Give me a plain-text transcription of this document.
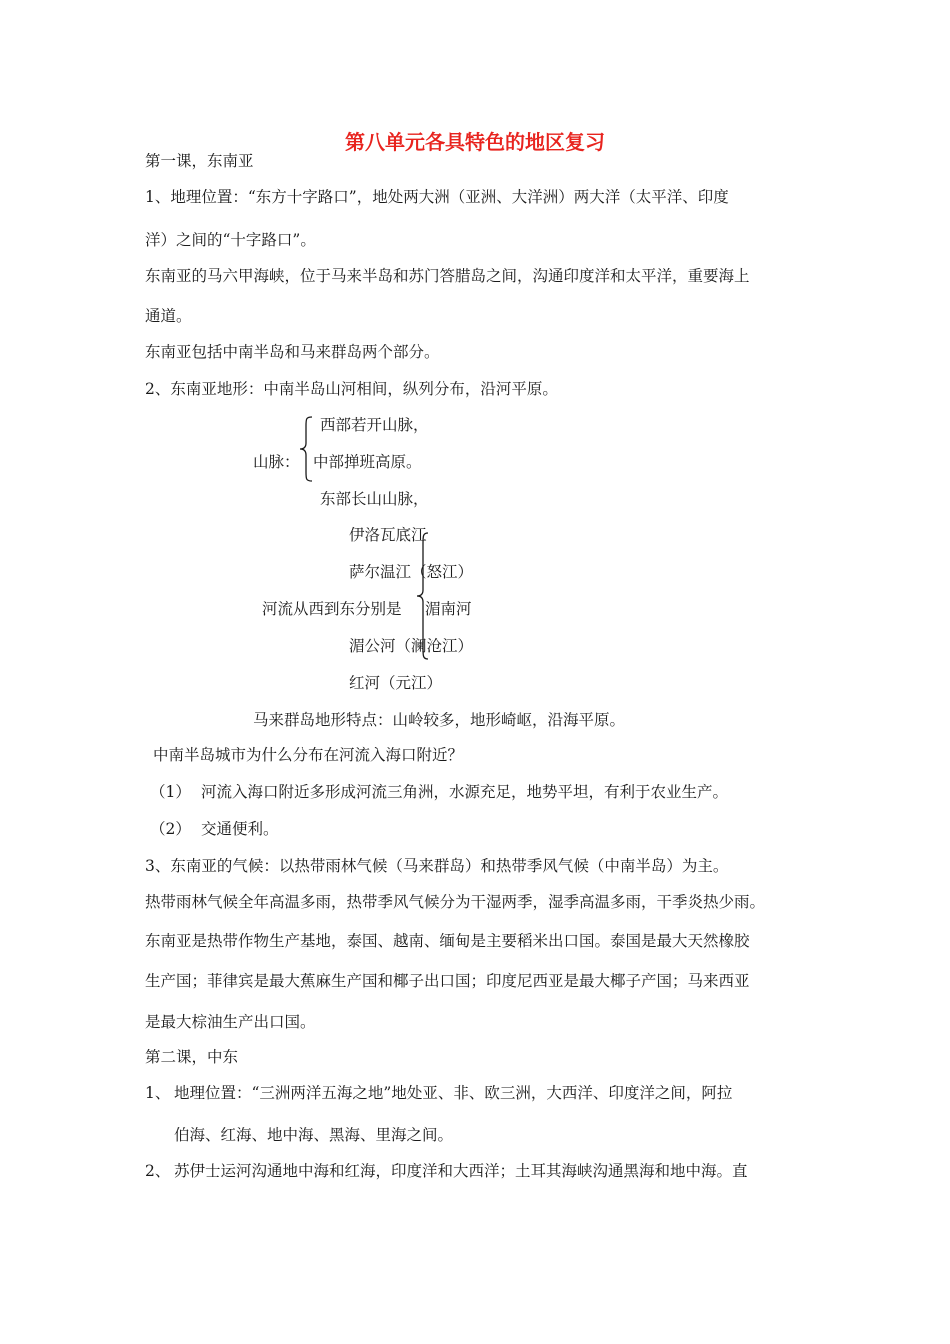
第八单元各具特色的地区复习
第一课，东南亚
1、地理位置：“东方十字路口”，地处两大洲（亚洲、大洋洲）两大洋（太平洋、印度
洋）之间的“十字路口”。
东南亚的马六甲海峡，位于马来半岛和苏门答腊岛之间，沟通印度洋和太平洋，重要海上
通道。
东南亚包括中南半岛和马来群岛两个部分。
2、东南亚地形：中南半岛山河相间，纵列分布，沿河平原。
山脉：
西部若开山脉，
中部掸班高原。
东部长山山脉，
河流从西到东分别是
伊洛瓦底江
萨尔温江（怒江）
湄南河
湄公河（澜沧江）
红河（元江）
马来群岛地形特点：山岭较多，地形崎岖，沿海平原。
中南半岛城市为什么分布在河流入海口附近？
（1） 河流入海口附近多形成河流三角洲，水源充足，地势平坦，有利于农业生产。
（2） 交通便利。
3、东南亚的气候：以热带雨林气候（马来群岛）和热带季风气候（中南半岛）为主。
热带雨林气候全年高温多雨，热带季风气候分为干湿两季，湿季高温多雨，干季炎热少雨。
东南亚是热带作物生产基地，泰国、越南、缅甸是主要稻米出口国。泰国是最大天然橡胶
生产国；菲律宾是最大蕉麻生产国和椰子出口国；印度尼西亚是最大椰子产国；马来西亚
是最大棕油生产出口国。
第二课，中东
1、 地理位置：“三洲两洋五海之地”地处亚、非、欧三洲，大西洋、印度洋之间，阿拉
伯海、红海、地中海、黑海、里海之间。
2、 苏伊士运河沟通地中海和红海，印度洋和大西洋；土耳其海峡沟通黑海和地中海。直
